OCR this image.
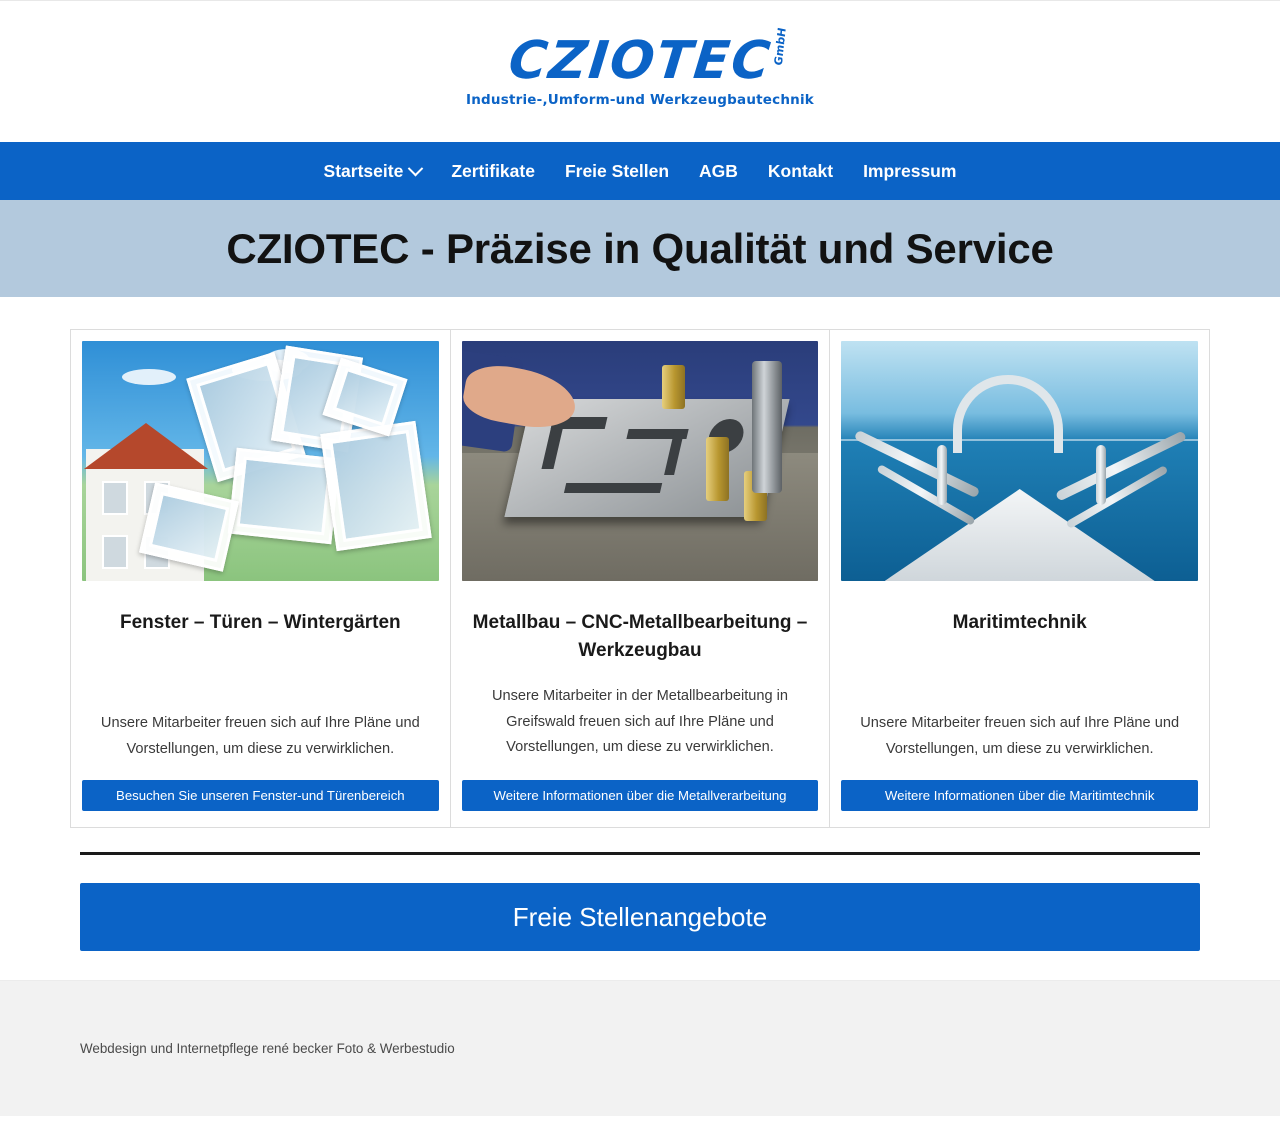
CZIOTEC
GmbH
Industrie-,Umform-und Werkzeugbautechnik
Startseite	Zertifikate Freie Stellen AGB Kontakt Impressum
CZIOTEC - Präzise in Qualität und Service
Fenster – Türen – Wintergärten
Unsere Mitarbeiter freuen sich auf Ihre Pläne und Vorstellungen, um diese zu verwirklichen.
Besuchen Sie unseren Fenster-und Türenbereich
Metallbau – CNC-Metallbearbeitung – Werkzeugbau
Unsere Mitarbeiter in der Metallbearbeitung in Greifswald freuen sich auf Ihre Pläne und Vorstellungen, um diese zu verwirklichen.
Weitere Informationen über die Metallverarbeitung
Maritimtechnik
Unsere Mitarbeiter freuen sich auf Ihre Pläne und Vorstellungen, um diese zu verwirklichen.
Weitere Informationen über die Maritimtechnik
Freie Stellenangebote
Webdesign und Internetpflege rené becker Foto & Werbestudio
